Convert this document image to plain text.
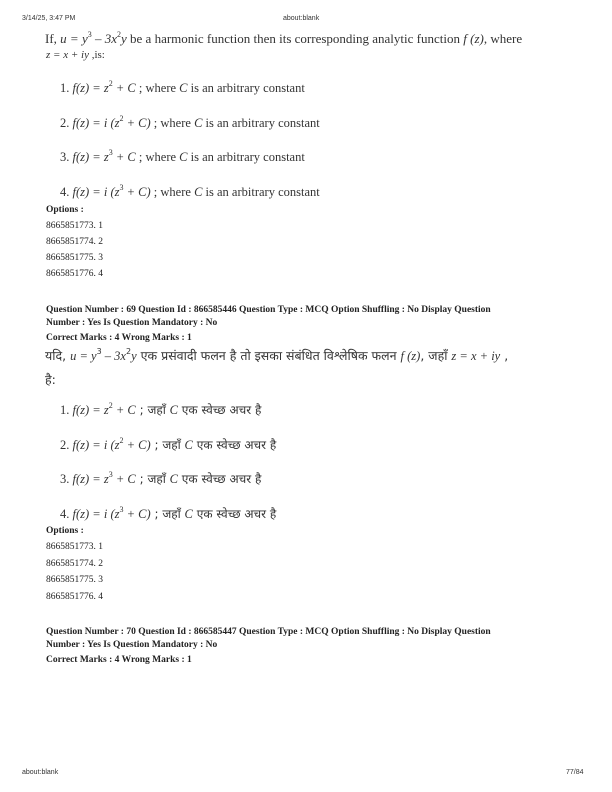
3/14/25, 3:47 PM	about:blank
If, $u = y^3 - 3x^2y$ be a harmonic function then its corresponding analytic function f (z), where
z = x + iy ,is:
1. $f(z) = z^2 + C$ ; where C is an arbitrary constant
2. f(z) = i $(z^2 + C)$ ; where C is an arbitrary constant
3. $f(z) = z^3 + C$ ; where C is an arbitrary constant
4. f(z) = i $(z^3 + C)$ ; where C is an arbitrary constant
Options :
8665851773. 1
8665851774. 2
8665851775. 3
8665851776. 4
Question Number : 69 Question Id : 866585446 Question Type : MCQ Option Shuffling : No Display Question
Number : Yes Is Question Mandatory : No
Correct Marks : 4 Wrong Marks : 1
यदि, $u = y^3 - 3x^2y$ एक प्रसंवादी फलन है तो इसका संबंधित विश्लेषिक फलन f (z), जहाँ z = x + iy ,
है:
1. $f(z) = z^2 + C$ ; जहाँ C एक स्वेच्छ अचर है
2. f(z) = i $(z^2 + C)$ ; जहाँ C एक स्वेच्छ अचर है
3. $f(z) = z^3 + C$ ; जहाँ C एक स्वेच्छ अचर है
4. f(z) = i $(z^3 + C)$ ; जहाँ C एक स्वेच्छ अचर है
Options :
8665851773. 1
8665851774. 2
8665851775. 3
8665851776. 4
Question Number : 70 Question Id : 866585447 Question Type : MCQ Option Shuffling : No Display Question
Number : Yes Is Question Mandatory : No
Correct Marks : 4 Wrong Marks : 1
about:blank	77/84
